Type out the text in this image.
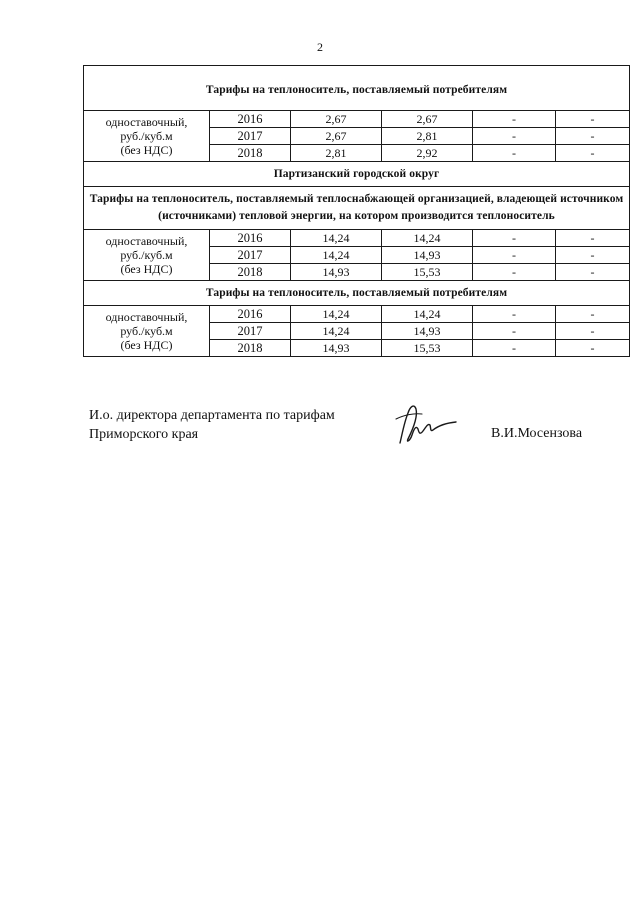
2
Тарифы на теплоноситель, поставляемый потребителям					
одноставочный,
руб./куб.м
(без НДС)	2016	2,67	2,67	-	-
	2017	2,67	2,81	-	-
	2018	2,81	2,92	-	-
Партизанский городской округ					
Тарифы на теплоноситель, поставляемый теплоснабжающей организацией, владеющей источником (источниками) тепловой энергии, на котором производится теплоноситель					
одноставочный,
руб./куб.м
(без НДС)	2016	14,24	14,24	-	-
	2017	14,24	14,93	-	-
	2018	14,93	15,53	-	-
Тарифы на теплоноситель, поставляемый потребителям					
одноставочный,
руб./куб.м
(без НДС)	2016	14,24	14,24	-	-
	2017	14,24	14,93	-	-
	2018	14,93	15,53	-	-
И.о. директора департамента по тарифам
Приморского края	В.И.Мосензова
